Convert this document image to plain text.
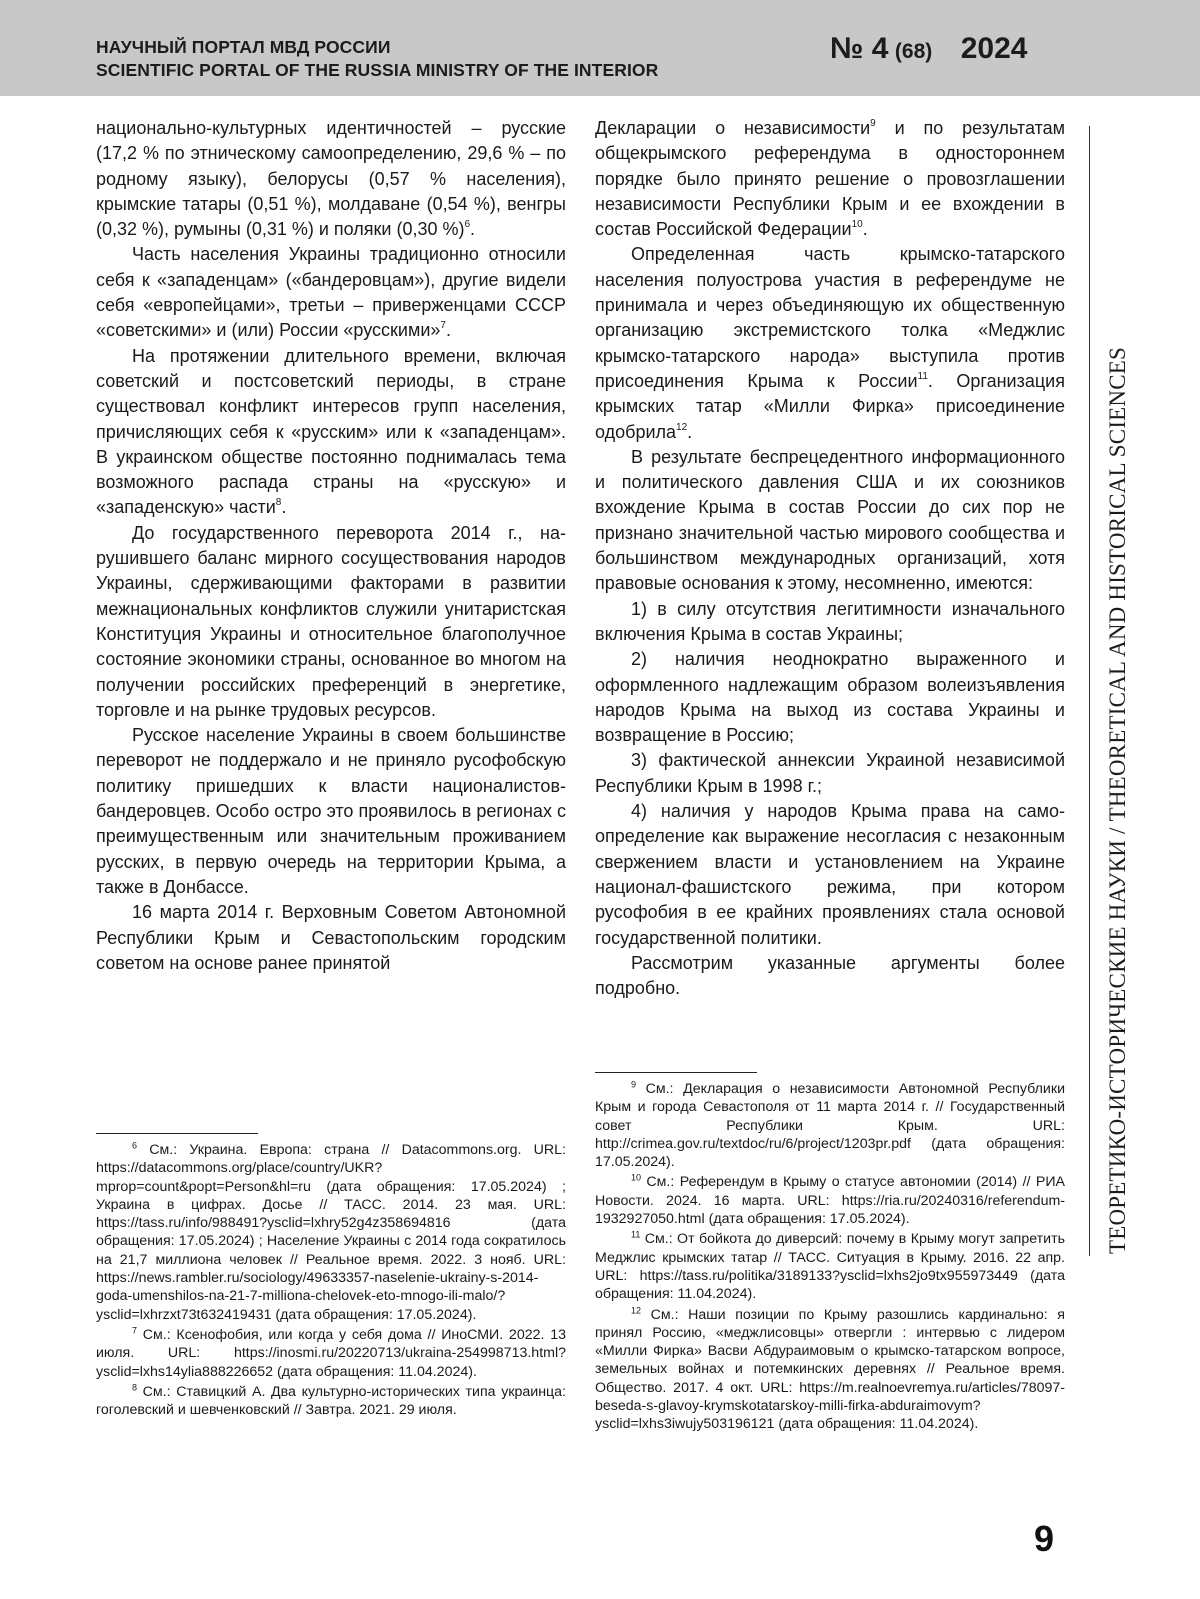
НАУЧНЫЙ ПОРТАЛ МВД РОССИИ
SCIENTIFIC PORTAL OF THE RUSSIA MINISTRY OF THE INTERIOR
№ 4 (68) 2024

национально-культурных идентичностей – русские (17,2 % по этническому самоопределению, 29,6 % – по родному языку), белорусы (0,57 % населения), крымские татары (0,51 %), молдаване (0,54 %), венгры (0,32 %), румыны (0,31 %) и поляки (0,30 %)$^6$.

Часть населения Украины традиционно относили себя к «западенцам» («бандеровцам»), другие видели себя «европейцами», третьи – приверженцами СССР «советскими» и (или) России «русскими»$^7$.

На протяжении длительного времени, включая советский и постсоветский периоды, в стране существовал конфликт интересов групп населения, причисляющих себя к «русским» или к «западенцам». В украинском обществе постоянно поднималась тема возможного распада страны на «русскую» и «западенскую» части$^8$.

До государственного переворота 2014 г., нарушившего баланс мирного сосуществования народов Украины, сдерживающими факторами в развитии межнациональных конфликтов служили унитаристская Конституция Украины и относительное благополучное состояние экономики страны, основанное во многом на получении российских преференций в энергетике, торговле и на рынке трудовых ресурсов.

Русское население Украины в своем большинстве переворот не поддержало и не приняло русофобскую политику пришедших к власти националистов-бандеровцев. Особо остро это проявилось в регионах с преимущественным или значительным проживанием русских, в первую очередь на территории Крыма, а также в Донбассе.

16 марта 2014 г. Верховным Советом Автономной Республики Крым и Севастопольским городским советом на основе ранее принятой

Декларации о независимости$^9$ и по результатам общекрымского референдума в одностороннем порядке было принято решение о провозглашении независимости Республики Крым и ее вхождении в состав Российской Федерации$^{10}$.

Определенная часть крымско-татарского населения полуострова участия в референдуме не принимала и через объединяющую их общественную организацию экстремистского толка «Меджлис крымско-татарского народа» выступила против присоединения Крыма к России$^{11}$. Организация крымских татар «Милли Фирка» присоединение одобрила$^{12}$.

В результате беспрецедентного информационного и политического давления США и их союзников вхождение Крыма в состав России до сих пор не признано значительной частью мирового сообщества и большинством международных организаций, хотя правовые основания к этому, несомненно, имеются:

1) в силу отсутствия легитимности изначального включения Крыма в состав Украины;

2) наличия неоднократно выраженного и оформленного надлежащим образом волеизъявления народов Крыма на выход из состава Украины и возвращение в Россию;

3) фактической аннексии Украиной независимой Республики Крым в 1998 г.;

4) наличия у народов Крыма права на самоопределение как выражение несогласия с незаконным свержением власти и установлением на Украине национал-фашистского режима, при котором русофобия в ее крайних проявлениях стала основой государственной политики.

Рассмотрим указанные аргументы более подробно.

$^6$ См.: Украина. Европа: страна // Datacommons.org. URL: https://datacommons.org/place/country/UKR?mprop=count&popt=Person&hl=ru (дата обращения: 17.05.2024) ; Украина в цифрах. Досье // ТАСС. 2014. 23 мая. URL: https://tass.ru/info/988491?ysclid=lxhry52g4z358694816 (дата обращения: 17.05.2024) ; Население Украины с 2014 года сократилось на 21,7 миллиона человек // Реальное время. 2022. 3 нояб. URL: https://news.rambler.ru/sociology/49633357-naselenie-ukrainy-s-2014-goda-umenshilos-na-21-7-milliona-chelovek-eto-mnogo-ili-malo/?ysclid=lxhrzxt73t632419431 (дата обращения: 17.05.2024).

$^7$ См.: Ксенофобия, или когда у себя дома // ИноСМИ. 2022. 13 июля. URL: https://inosmi.ru/20220713/ukraina-254998713.html?ysclid=lxhs14ylia888226652 (дата обращения: 11.04.2024).

$^8$ См.: Ставицкий А. Два культурно-исторических типа украинца: гоголевский и шевченковский // Завтра. 2021. 29 июля.

$^9$ См.: Декларация о независимости Автономной Республики Крым и города Севастополя от 11 марта 2014 г. // Государственный совет Республики Крым. URL: http://crimea.gov.ru/textdoc/ru/6/project/1203pr.pdf (дата обращения: 17.05.2024).

$^{10}$ См.: Референдум в Крыму о статусе автономии (2014) // РИА Новости. 2024. 16 марта. URL: https://ria.ru/20240316/referendum-1932927050.html (дата обращения: 17.05.2024).

$^{11}$ См.: От бойкота до диверсий: почему в Крыму могут запретить Меджлис крымских татар // ТАСС. Ситуация в Крыму. 2016. 22 апр. URL: https://tass.ru/politika/3189133?ysclid=lxhs2jo9tx955973449 (дата обращения: 11.04.2024).

$^{12}$ См.: Наши позиции по Крыму разошлись кардинально: я принял Россию, «меджлисовцы» отвергли : интервью с лидером «Милли Фирка» Васви Абдураимовым о крымско-татарском вопросе, земельных войнах и потемкинских деревнях // Реальное время. Общество. 2017. 4 окт. URL: https://m.realnoevremya.ru/articles/78097-beseda-s-glavoy-krymskotatarskoy-milli-firka-abduraimovym?ysclid=lxhs3iwujy503196121 (дата обращения: 11.04.2024).

ТЕОРЕТИКО-ИСТОРИЧЕСКИЕ НАУКИ / THEORETICAL AND HISTORICAL SCIENCES
9
